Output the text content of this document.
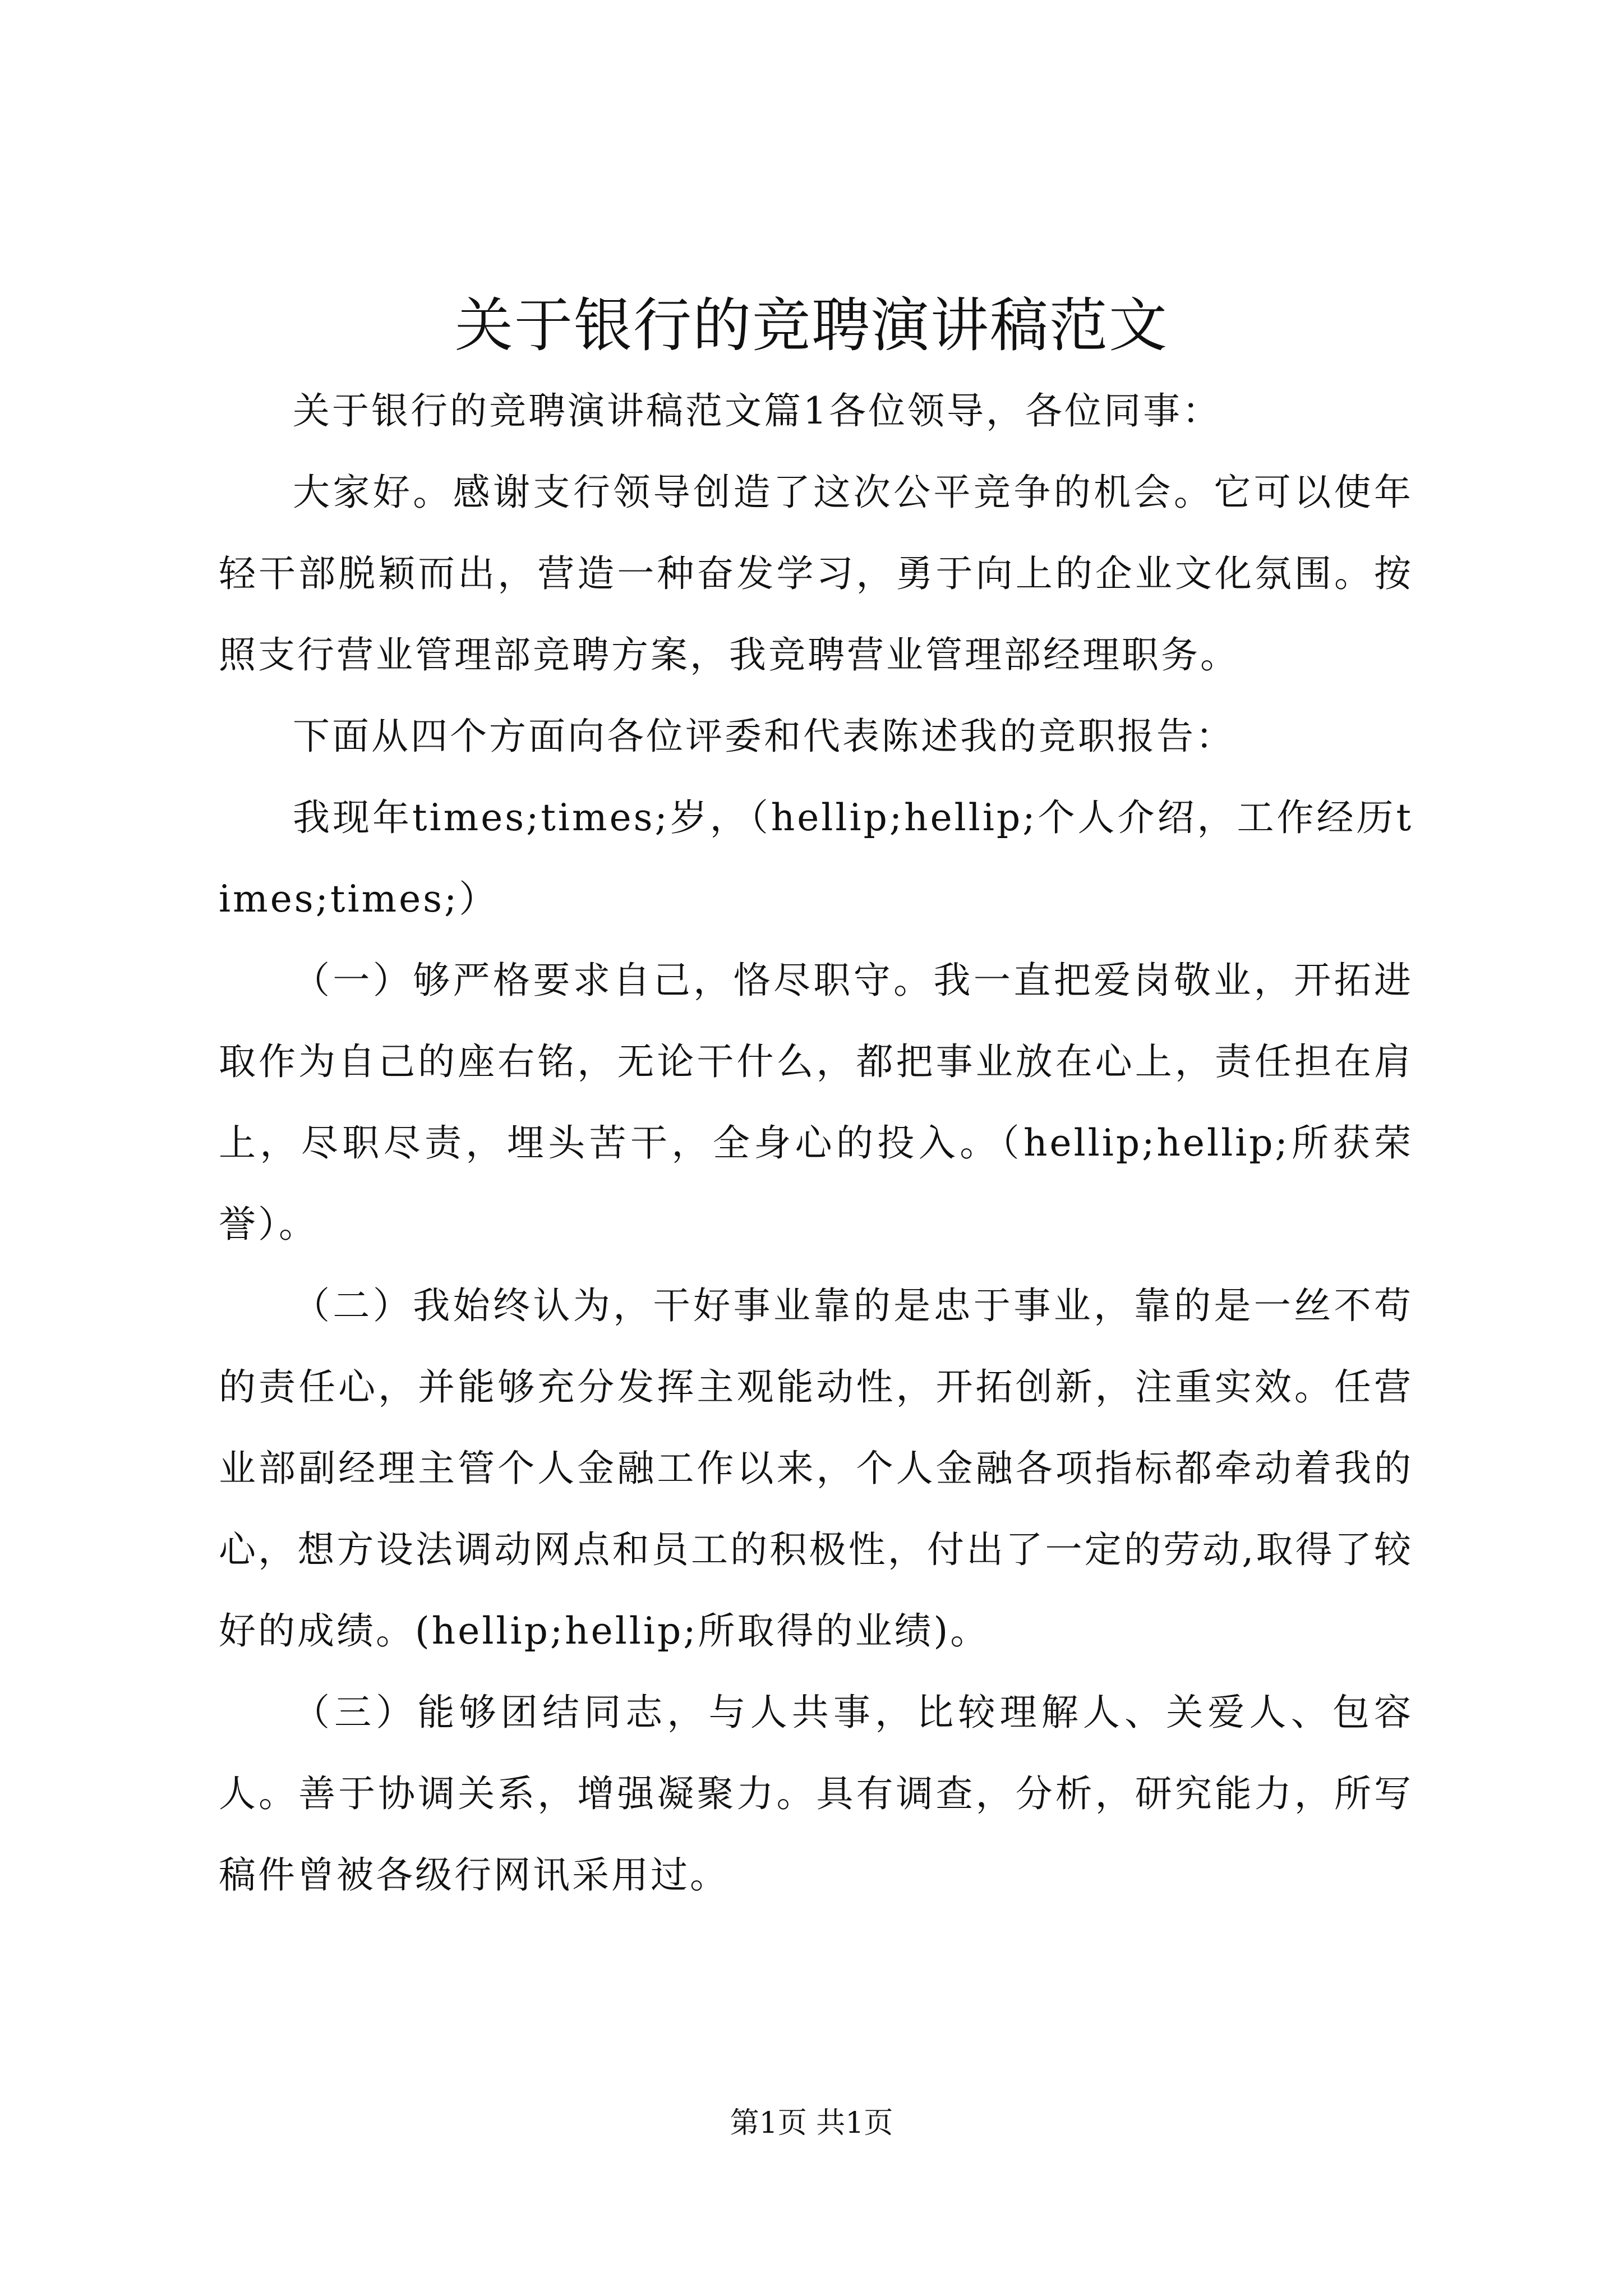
关于银行的竞聘演讲稿范文

关于银行的竞聘演讲稿范文篇1各位领导，各位同事：

大家好。感谢支行领导创造了这次公平竞争的机会。它可以使年轻干部脱颖而出，营造一种奋发学习，勇于向上的企业文化氛围。按照支行营业管理部竞聘方案，我竞聘营业管理部经理职务。

下面从四个方面向各位评委和代表陈述我的竞职报告：

我现年times;times;岁，（hellip;hellip;个人介绍，工作经历times;times;）

（一）够严格要求自己，恪尽职守。我一直把爱岗敬业，开拓进取作为自己的座右铭，无论干什么，都把事业放在心上，责任担在肩上，尽职尽责，埋头苦干，全身心的投入。（hellip;hellip;所获荣誉）。

（二）我始终认为，干好事业靠的是忠于事业，靠的是一丝不苟的责任心，并能够充分发挥主观能动性，开拓创新，注重实效。任营业部副经理主管个人金融工作以来，个人金融各项指标都牵动着我的心，想方设法调动网点和员工的积极性，付出了一定的劳动,取得了较好的成绩。(hellip;hellip;所取得的业绩)。

（三）能够团结同志，与人共事，比较理解人、关爱人、包容人。善于协调关系，增强凝聚力。具有调查，分析，研究能力，所写稿件曾被各级行网讯采用过。

第1页 共1页
